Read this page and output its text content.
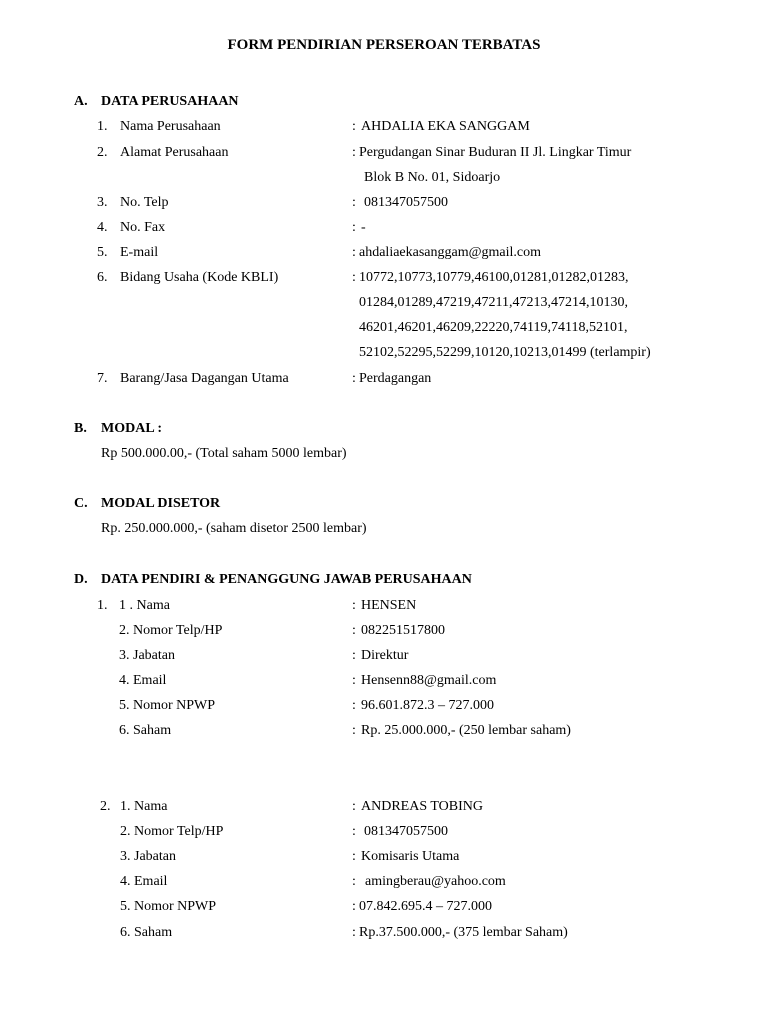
FORM PENDIRIAN PERSEROAN TERBATAS
A. DATA PERUSAHAAN
1. Nama Perusahaan	: AHDALIA EKA SANGGAM
2. Alamat Perusahaan	: Pergudangan Sinar Buduran II Jl. Lingkar Timur
Blok B No. 01, Sidoarjo
3. No. Telp	: 081347057500
4. No. Fax	: -
5. E-mail	: ahdaliaekasanggam@gmail.com
6. Bidang Usaha (Kode KBLI)	: 10772,10773,10779,46100,01281,01282,01283,
01284,01289,47219,47211,47213,47214,10130,
46201,46201,46209,22220,74119,74118,52101,
52102,52295,52299,10120,10213,01499 (terlampir)
7. Barang/Jasa Dagangan Utama	: Perdagangan
B. MODAL :
Rp 500.000.00,- (Total saham 5000 lembar)
C. MODAL DISETOR
Rp. 250.000.000,- (saham disetor 2500 lembar)
D. DATA PENDIRI & PENANGGUNG JAWAB PERUSAHAAN
1. 1 . Nama	: HENSEN
2. Nomor Telp/HP	: 082251517800
3. Jabatan	: Direktur
4. Email	: Hensenn88@gmail.com
5. Nomor NPWP	: 96.601.872.3 – 727.000
6. Saham	: Rp. 25.000.000,- (250 lembar saham)
2. 1. Nama	: ANDREAS TOBING
2. Nomor Telp/HP	: 081347057500
3. Jabatan	: Komisaris Utama
4. Email	: amingberau@yahoo.com
5. Nomor NPWP	: 07.842.695.4 – 727.000
6. Saham	: Rp.37.500.000,- (375 lembar Saham)
